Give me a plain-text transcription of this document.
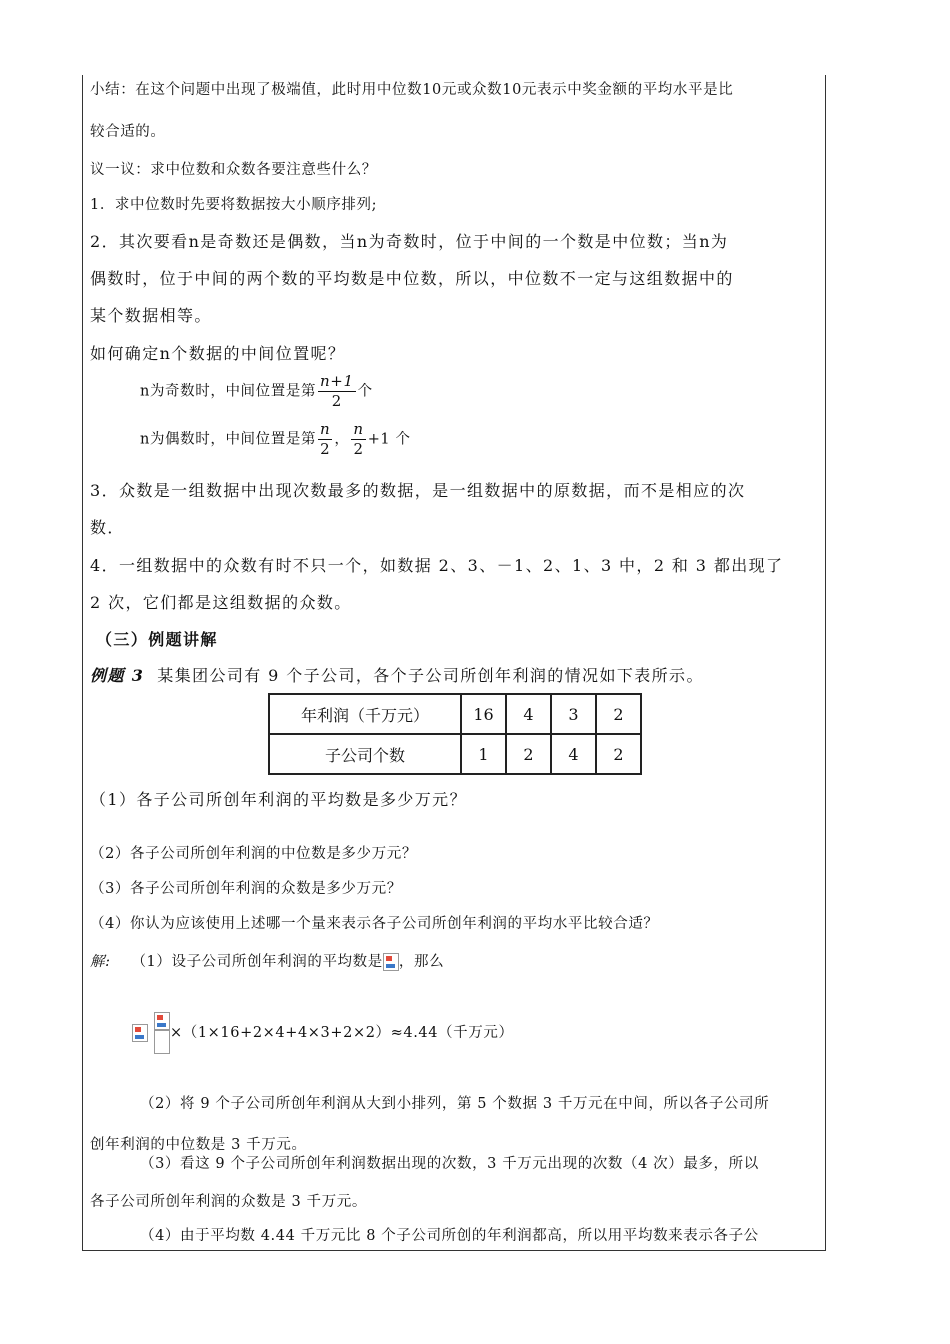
小结：在这个问题中出现了极端值，此时用中位数10元或众数10元表示中奖金额的平均水平是比
较合适的。
议一议：求中位数和众数各要注意些什么？
1．求中位数时先要将数据按大小顺序排列;
2．其次要看n是奇数还是偶数，当n为奇数时，位于中间的一个数是中位数；当n为
偶数时，位于中间的两个数的平均数是中位数，所以，中位数不一定与这组数据中的
某个数据相等。
如何确定n个数据的中间位置呢？
n为奇数时，中间位置是第 $\frac{n+1}{2}$ 个
n为偶数时，中间位置是第 $\frac{n}{2}$ ， $\frac{n}{2} +1$ 个
3．众数是一组数据中出现次数最多的数据，是一组数据中的原数据，而不是相应的次
数．
4．一组数据中的众数有时不只一个，如数据 2、3、－1、2、1、3 中，2 和 3 都出现了
2 次，它们都是这组数据的众数。
（三）例题讲解
例题 3 某集团公司有 9 个子公司，各个子公司所创年利润的情况如下表所示。
年利润（千万元）	16	4	3	2
子公司个数	1	2	4	2
（1）各子公司所创年利润的平均数是多少万元？
（2）各子公司所创年利润的中位数是多少万元？
（3）各子公司所创年利润的众数是多少万元？
（4）你认为应该使用上述哪一个量来表示各子公司所创年利润的平均水平比较合适？
解: （1）设子公司所创年利润的平均数是 ，那么
×（1×16+2×4+4×3+2×2）≈4.44（千万元）
（2）将 9 个子公司所创年利润从大到小排列，第 5 个数据 3 千万元在中间，所以各子公司所
创年利润的中位数是 3 千万元。
（3）看这 9 个子公司所创年利润数据出现的次数，3 千万元出现的次数（4 次）最多，所以
各子公司所创年利润的众数是 3 千万元。
（4）由于平均数 4.44 千万元比 8 个子公司所创的年利润都高，所以用平均数来表示各子公
